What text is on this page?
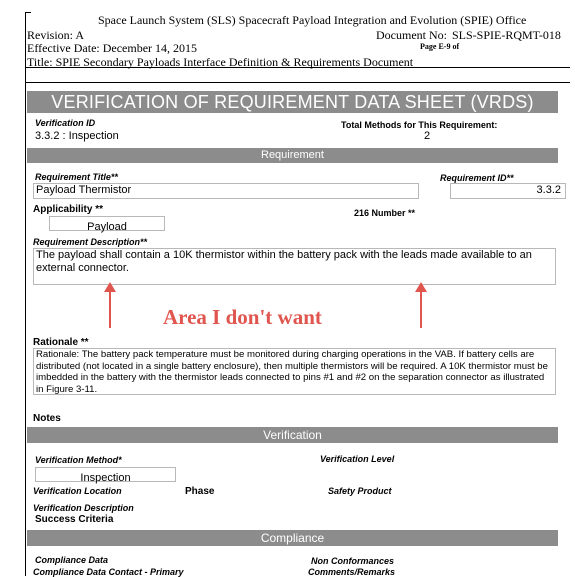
Space Launch System (SLS) Spacecraft Payload Integration and Evolution (SPIE) Office
Revision: A	Document No: SLS-SPIE-RQMT-018
Effective Date: December 14, 2015	Page E-9 of
Title: SPIE Secondary Payloads Interface Definition & Requirements Document
VERIFICATION OF REQUIREMENT DATA SHEET (VRDS)
Verification ID
3.3.2 : Inspection
Total Methods for This Requirement:
2
Requirement
Requirement Title**
Payload Thermistor
Requirement ID**
3.3.2
Applicability **
Payload
216 Number **
Requirement Description**
The payload shall contain a 10K thermistor within the battery pack with the leads made available to an external connector.
Area I don't want
Rationale **
Rationale: The battery pack temperature must be monitored during charging operations in the VAB. If battery cells are distributed (not located in a single battery enclosure), then multiple thermistors will be required. A 10K thermistor must be imbedded in the battery with the thermistor leads connected to pins #1 and #2 on the separation connector as illustrated in Figure 3-11.
Notes
Verification
Verification Method*
Inspection
Verification Level
Verification Location	Phase	Safety Product
Verification Description
Success Criteria
Compliance
Compliance Data	Non Conformances
Compliance Data Contact - Primary	Comments/Remarks
